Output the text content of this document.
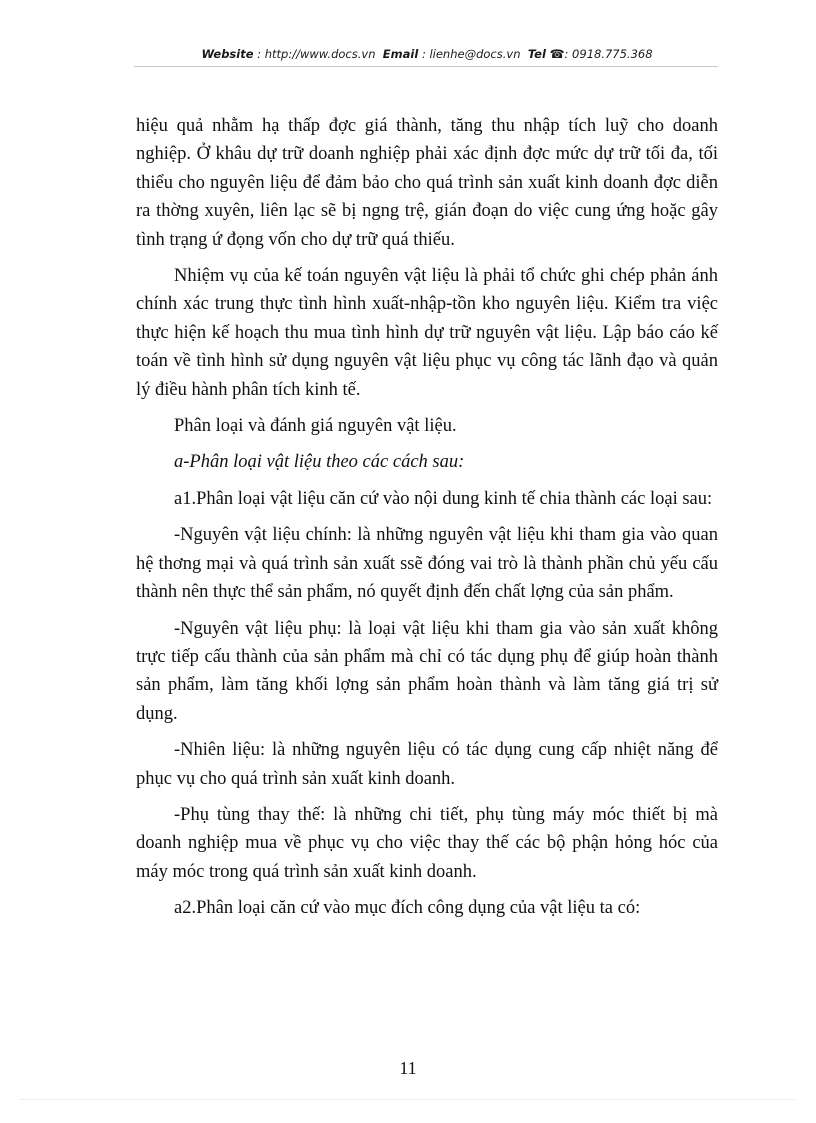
Website : http://www.docs.vn Email : lienhe@docs.vn Tel ☎: 0918.775.368

hiệu quả nhằm hạ thấp đợc giá thành, tăng thu nhập tích luỹ cho doanh nghiệp. Ở khâu dự trữ doanh nghiệp phải xác định đợc mức dự trữ tối đa, tối thiểu cho nguyên liệu để đảm bảo cho quá trình sản xuất kinh doanh đợc diễn ra thờng xuyên, liên lạc sẽ bị ngng trệ, gián đoạn do việc cung ứng hoặc gây tình trạng ứ đọng vốn cho dự trữ quá thiếu.

Nhiệm vụ của kế toán nguyên vật liệu là phải tổ chức ghi chép phản ánh chính xác trung thực tình hình xuất-nhập-tồn kho nguyên liệu. Kiểm tra việc thực hiện kế hoạch thu mua tình hình dự trữ nguyên vật liệu. Lập báo cáo kế toán về tình hình sử dụng nguyên vật liệu phục vụ công tác lãnh đạo và quản lý điều hành phân tích kinh tế.

Phân loại và đánh giá nguyên vật liệu.

a-Phân loại vật liệu theo các cách sau:

a1.Phân loại vật liệu căn cứ vào nội dung kinh tế chia thành các loại sau:

-Nguyên vật liệu chính: là những nguyên vật liệu khi tham gia vào quan hệ thơng mại và quá trình sản xuất ssẽ đóng vai trò là thành phần chủ yếu cấu thành nên thực thể sản phẩm, nó quyết định đến chất lợng của sản phẩm.

-Nguyên vật liệu phụ: là loại vật liệu khi tham gia vào sản xuất không trực tiếp cấu thành của sản phẩm mà chỉ có tác dụng phụ để giúp hoàn thành sản phẩm, làm tăng khối lợng sản phẩm hoàn thành và làm tăng giá trị sử dụng.

-Nhiên liệu: là những nguyên liệu có tác dụng cung cấp nhiệt năng để phục vụ cho quá trình sản xuất kinh doanh.

-Phụ tùng thay thế: là những chi tiết, phụ tùng máy móc thiết bị mà doanh nghiệp mua về phục vụ cho việc thay thế các bộ phận hỏng hóc của máy móc trong quá trình sản xuất kinh doanh.

a2.Phân loại căn cứ vào mục đích công dụng của vật liệu ta có:

11
